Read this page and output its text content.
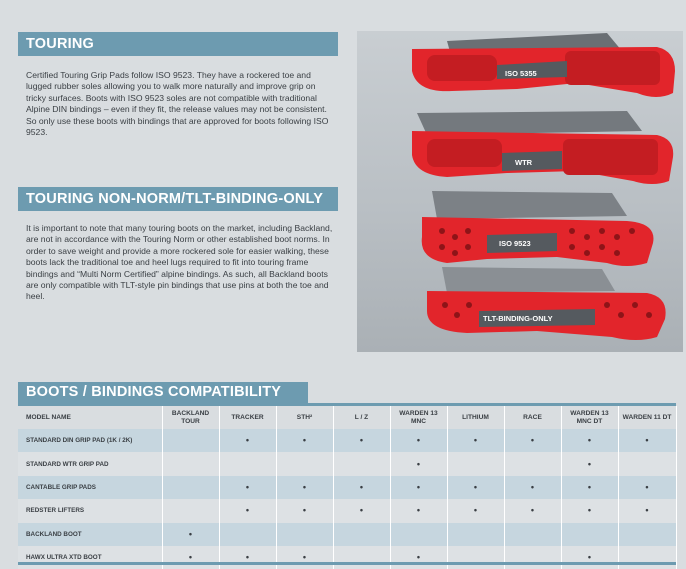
TOURING

Certified Touring Grip Pads follow ISO 9523. They have a rockered toe and lugged rubber soles allowing you to walk more naturally and improve grip on tricky surfaces. Boots with ISO 9523 soles are not compatible with traditional Alpine DIN bindings – even if they fit, the release values may not be consistent. So only use these boots with bindings that are approved for boots following ISO 9523.

TOURING NON-NORM/TLT-BINDING-ONLY

It is important to note that many touring boots on the market, including Backland, are not in accordance with the Touring Norm or other established boot norms. In order to save weight and provide a more rockered sole for easier walking, these boots lack the traditional toe and heel lugs required to fit into touring frame bindings and “Multi Norm Certified” alpine bindings. As such, all Backland boots are only compatible with TLT-style pin bindings that use pins at both the toe and heel.

ISO 5355
WTR
ISO 9523
TLT-BINDING-ONLY
BOOTS / BINDINGS COMPATIBILITY
MODEL NAME	BACKLAND TOUR	TRACKER	STH²	L / Z	WARDEN 13 MNC	LITHIUM	RACE	WARDEN 13 MNC DT	WARDEN 11 DT
STANDARD DIN GRIP PAD (1K / 2K)		•	•	•	•	•	•	•	•
STANDARD WTR GRIP PAD					•			•	
CANTABLE GRIP PADS		•	•	•	•	•	•	•	•
REDSTER LIFTERS		•	•	•	•	•	•	•	•
BACKLAND BOOT	•								
HAWX ULTRA XTD BOOT	•	•	•		•			•	
